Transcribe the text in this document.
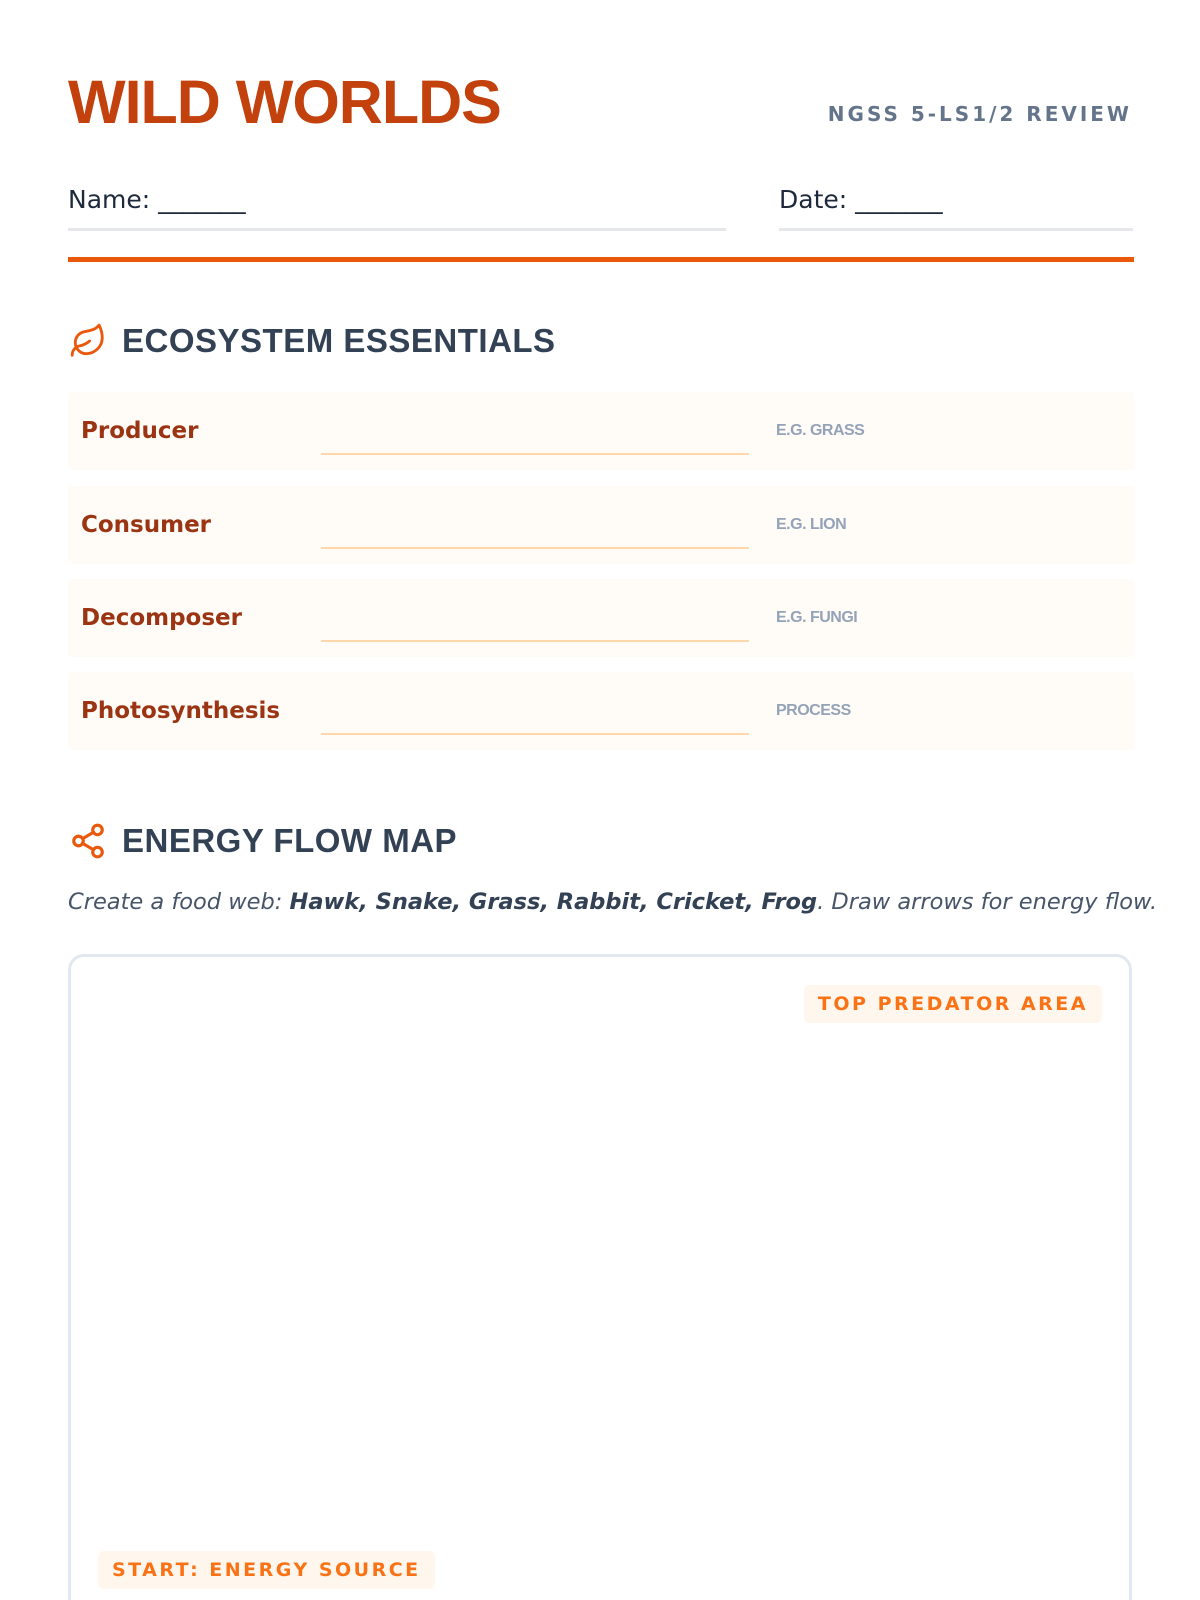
WILD WORLDS	NGSS 5-LS1/2 REVIEW
Name: _______	Date: _______
ECOSYSTEM ESSENTIALS
Producer	E.G. GRASS
Consumer	E.G. LION
Decomposer	E.G. FUNGI
Photosynthesis	PROCESS
ENERGY FLOW MAP
Create a food web: Hawk, Snake, Grass, Rabbit, Cricket, Frog. Draw arrows for energy flow.
TOP PREDATOR AREA
START: ENERGY SOURCE
